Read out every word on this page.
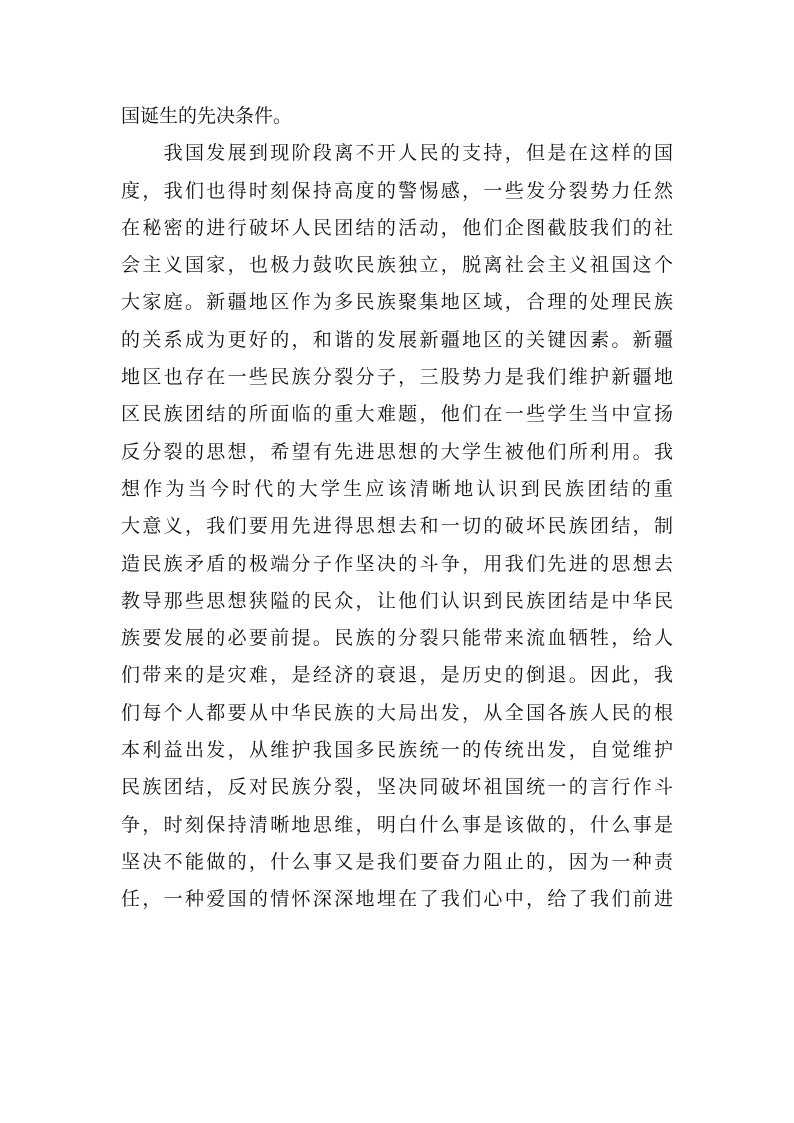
国诞生的先决条件。
　　我国发展到现阶段离不开人民的支持，但是在这样的国
度，我们也得时刻保持高度的警惕感，一些发分裂势力任然
在秘密的进行破坏人民团结的活动，他们企图截肢我们的社
会主义国家，也极力鼓吹民族独立，脱离社会主义祖国这个
大家庭。新疆地区作为多民族聚集地区域，合理的处理民族
的关系成为更好的，和谐的发展新疆地区的关键因素。新疆
地区也存在一些民族分裂分子，三股势力是我们维护新疆地
区民族团结的所面临的重大难题，他们在一些学生当中宣扬
反分裂的思想，希望有先进思想的大学生被他们所利用。我
想作为当今时代的大学生应该清晰地认识到民族团结的重
大意义，我们要用先进得思想去和一切的破坏民族团结，制
造民族矛盾的极端分子作坚决的斗争，用我们先进的思想去
教导那些思想狭隘的民众，让他们认识到民族团结是中华民
族要发展的必要前提。民族的分裂只能带来流血牺牲，给人
们带来的是灾难，是经济的衰退，是历史的倒退。因此，我
们每个人都要从中华民族的大局出发，从全国各族人民的根
本利益出发，从维护我国多民族统一的传统出发，自觉维护
民族团结，反对民族分裂，坚决同破坏祖国统一的言行作斗
争，时刻保持清晰地思维，明白什么事是该做的，什么事是
坚决不能做的，什么事又是我们要奋力阻止的，因为一种责
任，一种爱国的情怀深深地埋在了我们心中，给了我们前进
